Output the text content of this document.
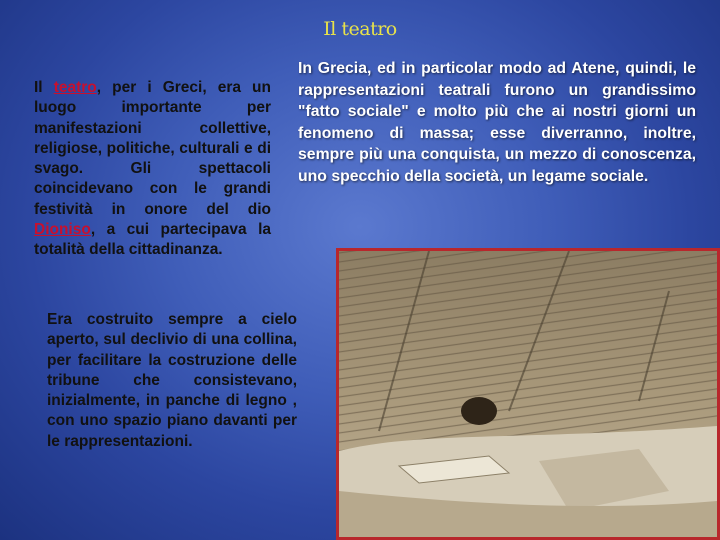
Il teatro

Il teatro, per i Greci, era un luogo importante per manifestazioni collettive, religiose, politiche, culturali e di svago. Gli spettacoli coincidevano con le grandi festività in onore del dio Dioniso, a cui partecipava la totalità della cittadinanza.

Era costruito sempre a cielo aperto, sul declivio di una collina, per facilitare la costruzione delle tribune che consistevano, inizialmente, in panche di legno , con uno spazio piano davanti per le rappresentazioni.

In Grecia, ed in particolar modo ad Atene, quindi, le rappresentazioni teatrali furono un grandissimo "fatto sociale" e molto più che ai nostri giorni un fenomeno di massa; esse diverranno, inoltre, sempre più una conquista, un mezzo di conoscenza, uno specchio della società, un legame sociale.
